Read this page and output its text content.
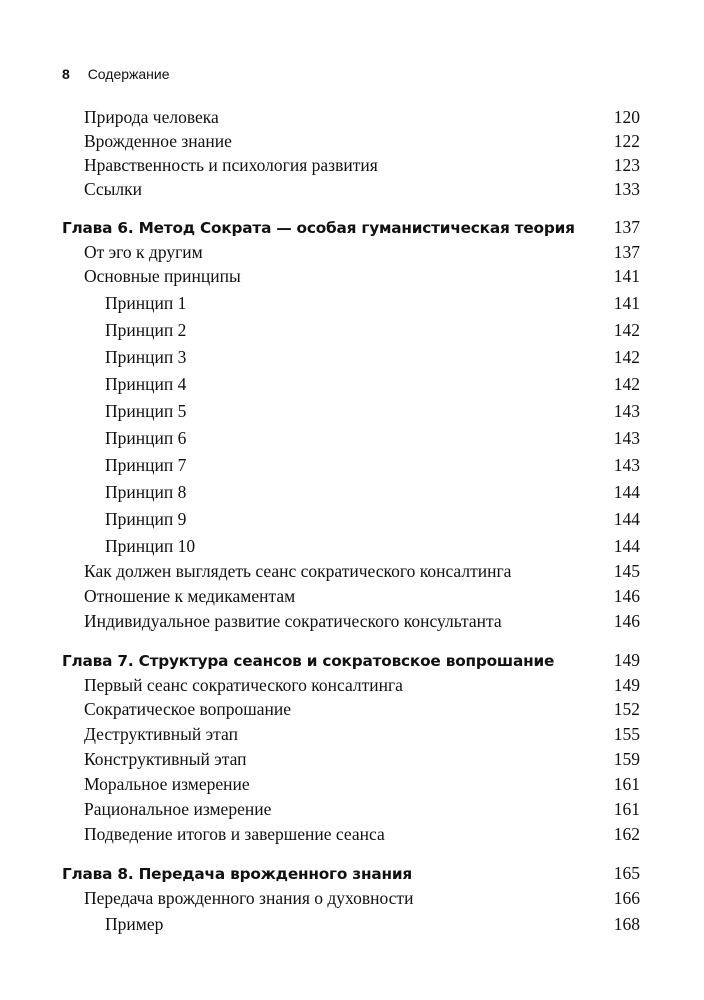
8 Содержание
Природа человека	120
Врожденное знание	122
Нравственность и психология развития	123
Ссылки	133
Глава 6. Метод Сократа — особая гуманистическая теория 137
От эго к другим	137
Основные принципы	141
Принцип 1	141
Принцип 2	142
Принцип 3	142
Принцип 4	142
Принцип 5	143
Принцип 6	143
Принцип 7	143
Принцип 8	144
Принцип 9	144
Принцип 10	144
Как должен выглядеть сеанс сократического консалтинга	145
Отношение к медикаментам	146
Индивидуальное развитие сократического консультанта	146
Глава 7. Структура сеансов и сократовское вопрошание	149
Первый сеанс сократического консалтинга	149
Сократическое вопрошание	152
Деструктивный этап	155
Конструктивный этап	159
Моральное измерение	161
Рациональное измерение	161
Подведение итогов и завершение сеанса	162
Глава 8. Передача врожденного знания	165
Передача врожденного знания о духовности	166
Пример	168
